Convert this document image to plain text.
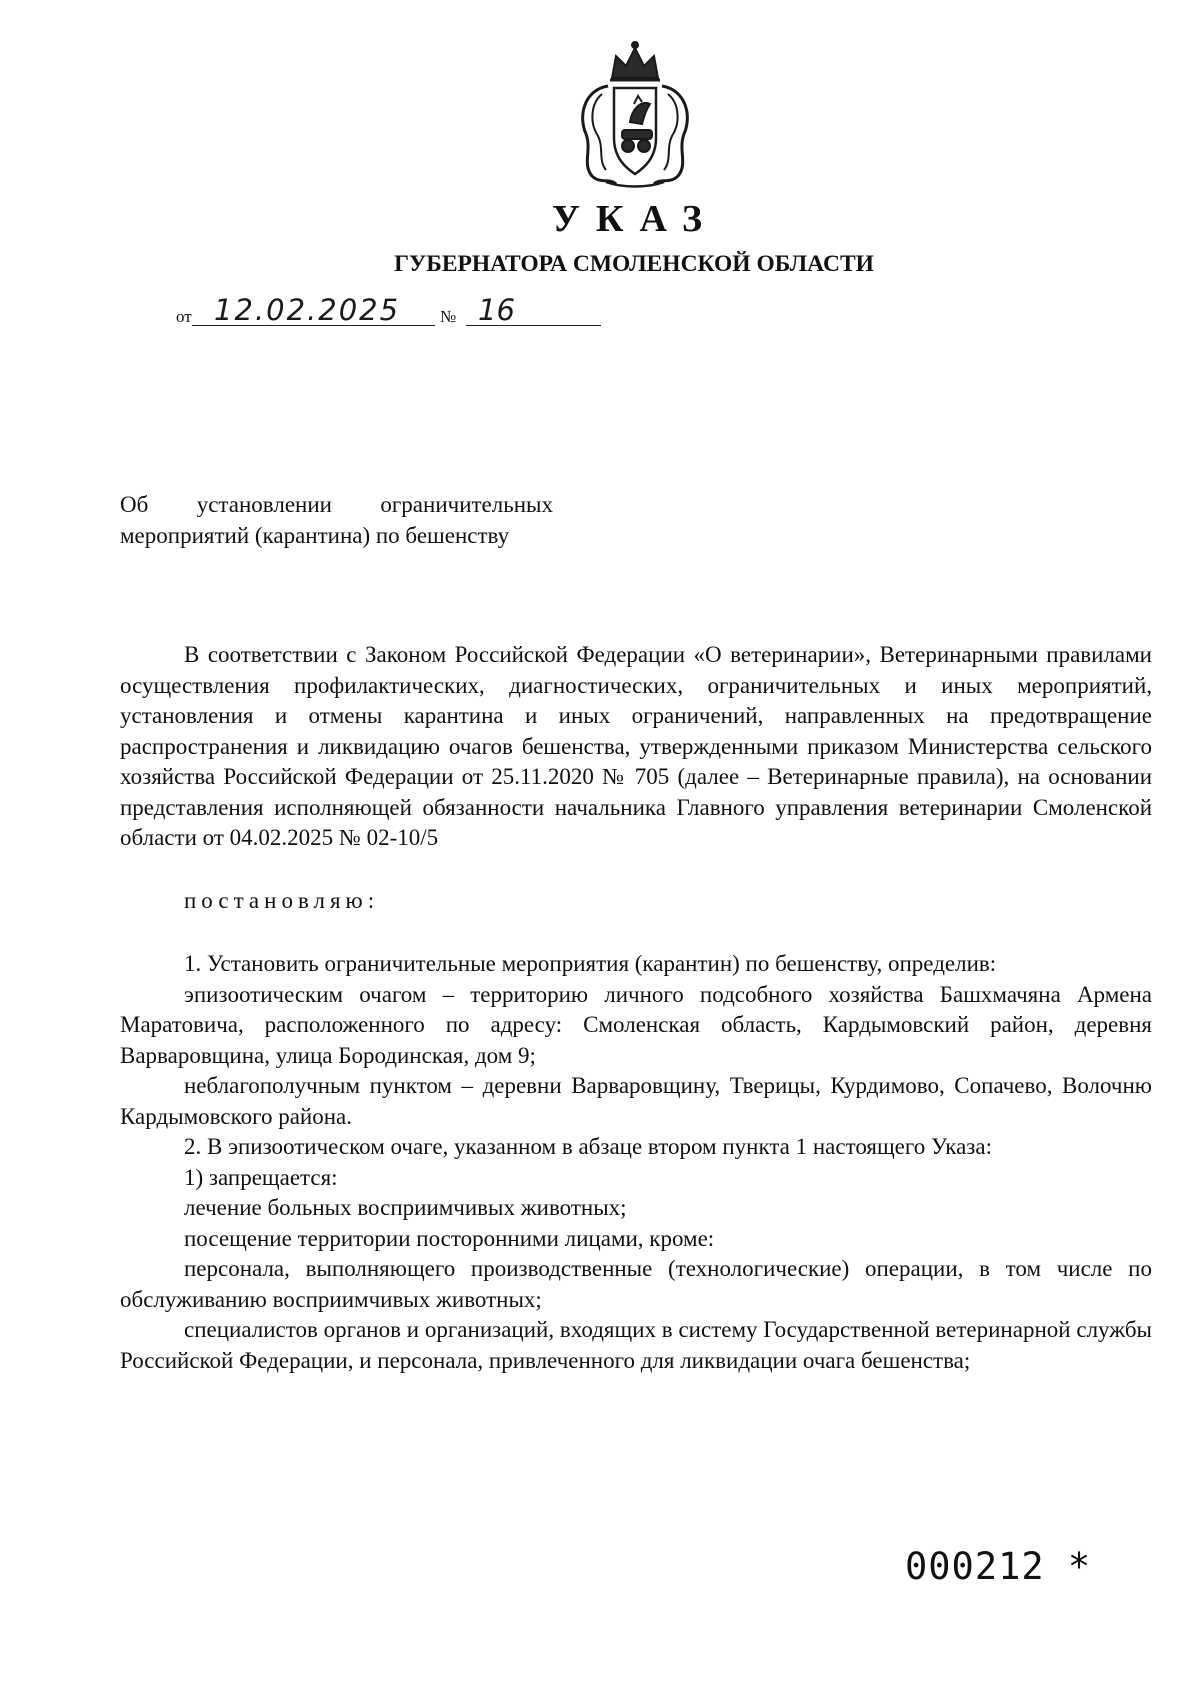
УКАЗ
ГУБЕРНАТОРА СМОЛЕНСКОЙ ОБЛАСТИ
от 12.02.2025 № 16
Об установлении ограничительных мероприятий (карантина) по бешенству

В соответствии с Законом Российской Федерации «О ветеринарии», Ветеринарными правилами осуществления профилактических, диагностических, ограничительных и иных мероприятий, установления и отмены карантина и иных ограничений, направленных на предотвращение распространения и ликвидацию очагов бешенства, утвержденными приказом Министерства сельского хозяйства Российской Федерации от 25.11.2020 № 705 (далее – Ветеринарные правила), на основании представления исполняющей обязанности начальника Главного управления ветеринарии Смоленской области от 04.02.2025 № 02-10/5

постановляю:

1. Установить ограничительные мероприятия (карантин) по бешенству, определив:

эпизоотическим очагом – территорию личного подсобного хозяйства Башхмачяна Армена Маратовича, расположенного по адресу: Смоленская область, Кардымовский район, деревня Варваровщина, улица Бородинская, дом 9;

неблагополучным пунктом – деревни Варваровщину, Тверицы, Курдимово, Сопачево, Волочню Кардымовского района.

2. В эпизоотическом очаге, указанном в абзаце втором пункта 1 настоящего Указа:

1) запрещается:

лечение больных восприимчивых животных;

посещение территории посторонними лицами, кроме:

персонала, выполняющего производственные (технологические) операции, в том числе по обслуживанию восприимчивых животных;

специалистов органов и организаций, входящих в систему Государственной ветеринарной службы Российской Федерации, и персонала, привлеченного для ликвидации очага бешенства;

000212 *
